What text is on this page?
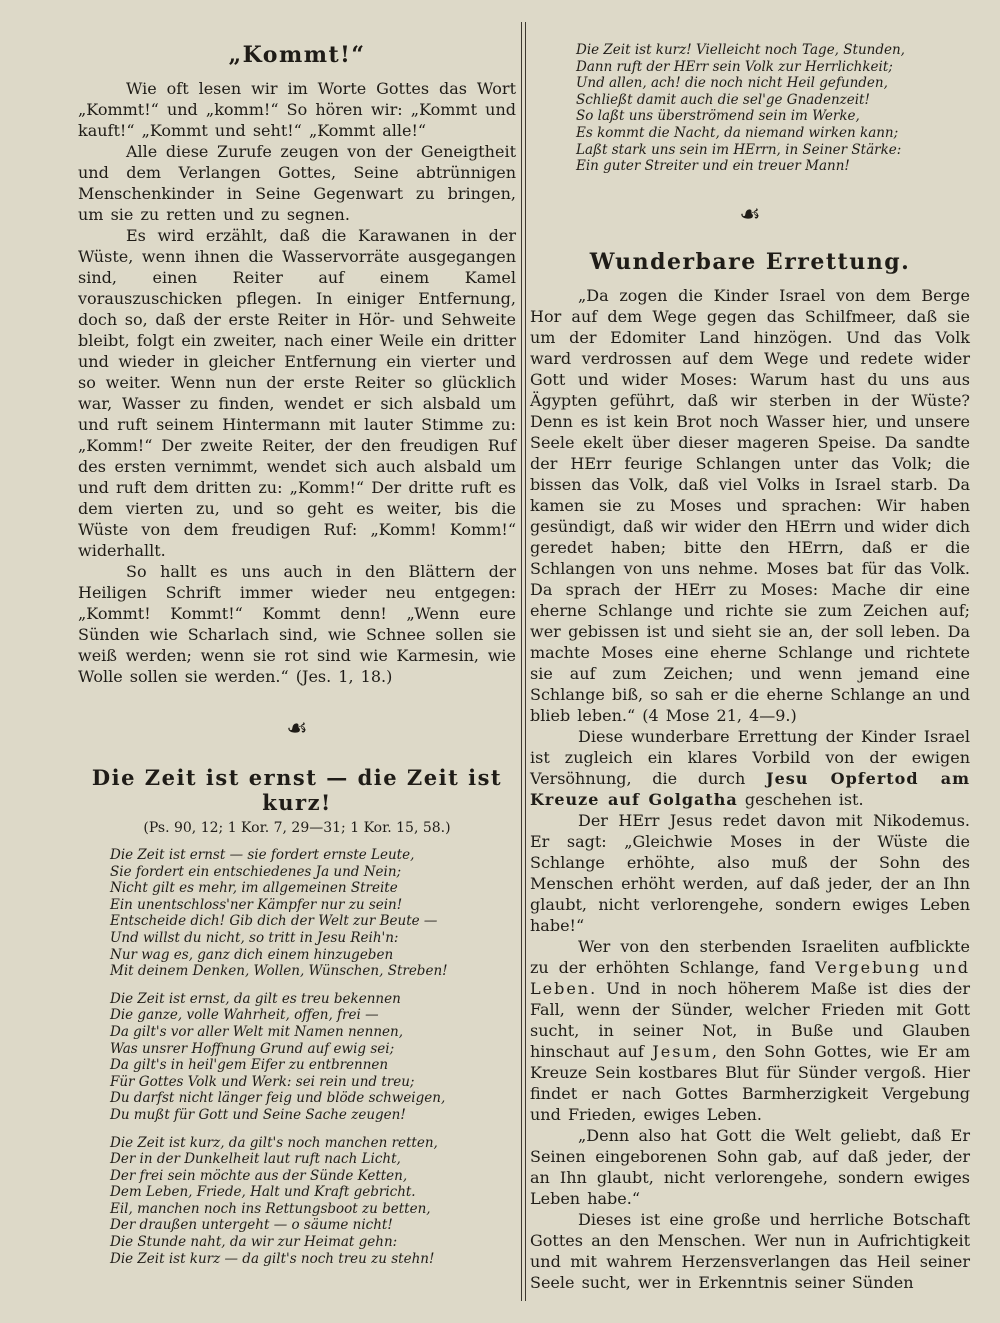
„Kommt!“

Wie oft lesen wir im Worte Gottes das Wort „Kommt!“ und „komm!“ So hören wir: „Kommt und kauft!“ „Kommt und seht!“ „Kommt alle!“

Alle diese Zurufe zeugen von der Geneigtheit und dem Verlangen Gottes, Seine abtrünnigen Menschenkinder in Seine Gegenwart zu bringen, um sie zu retten und zu segnen.

Es wird erzählt, daß die Karawanen in der Wüste, wenn ihnen die Wasservorräte ausgegangen sind, einen Reiter auf einem Kamel vorauszuschicken pflegen. In einiger Entfernung, doch so, daß der erste Reiter in Hör- und Sehweite bleibt, folgt ein zweiter, nach einer Weile ein dritter und wieder in gleicher Entfernung ein vierter und so weiter. Wenn nun der erste Reiter so glücklich war, Wasser zu finden, wendet er sich alsbald um und ruft seinem Hintermann mit lauter Stimme zu: „Komm!“ Der zweite Reiter, der den freudigen Ruf des ersten vernimmt, wendet sich auch alsbald um und ruft dem dritten zu: „Komm!“ Der dritte ruft es dem vierten zu, und so geht es weiter, bis die Wüste von dem freudigen Ruf: „Komm! Komm!“ widerhallt.

So hallt es uns auch in den Blättern der Heiligen Schrift immer wieder neu entgegen: „Kommt! Kommt!“ Kommt denn! „Wenn eure Sünden wie Scharlach sind, wie Schnee sollen sie weiß werden; wenn sie rot sind wie Karmesin, wie Wolle sollen sie werden.“ (Jes. 1, 18.)

☙
Die Zeit ist ernst — die Zeit ist kurz!
(Ps. 90, 12; 1 Kor. 7, 29—31; 1 Kor. 15, 58.)
Die Zeit ist ernst — sie fordert ernste Leute,
Sie fordert ein entschiedenes Ja und Nein;
Nicht gilt es mehr, im allgemeinen Streite
Ein unentschloss'ner Kämpfer nur zu sein!
Entscheide dich! Gib dich der Welt zur Beute —
Und willst du nicht, so tritt in Jesu Reih'n:
Nur wag es, ganz dich einem hinzugeben
Mit deinem Denken, Wollen, Wünschen, Streben!
Die Zeit ist ernst, da gilt es treu bekennen
Die ganze, volle Wahrheit, offen, frei —
Da gilt's vor aller Welt mit Namen nennen,
Was unsrer Hoffnung Grund auf ewig sei;
Da gilt's in heil'gem Eifer zu entbrennen
Für Gottes Volk und Werk: sei rein und treu;
Du darfst nicht länger feig und blöde schweigen,
Du mußt für Gott und Seine Sache zeugen!
Die Zeit ist kurz, da gilt's noch manchen retten,
Der in der Dunkelheit laut ruft nach Licht,
Der frei sein möchte aus der Sünde Ketten,
Dem Leben, Friede, Halt und Kraft gebricht.
Eil, manchen noch ins Rettungsboot zu betten,
Der draußen untergeht — o säume nicht!
Die Stunde naht, da wir zur Heimat gehn:
Die Zeit ist kurz — da gilt's noch treu zu stehn!
Die Zeit ist kurz! Vielleicht noch Tage, Stunden,
Dann ruft der HErr sein Volk zur Herrlichkeit;
Und allen, ach! die noch nicht Heil gefunden,
Schließt damit auch die sel'ge Gnadenzeit!
So laßt uns überströmend sein im Werke,
Es kommt die Nacht, da niemand wirken kann;
Laßt stark uns sein im HErrn, in Seiner Stärke:
Ein guter Streiter und ein treuer Mann!
☙
Wunderbare Errettung.

„Da zogen die Kinder Israel von dem Berge Hor auf dem Wege gegen das Schilfmeer, daß sie um der Edomiter Land hinzögen. Und das Volk ward verdrossen auf dem Wege und redete wider Gott und wider Moses: Warum hast du uns aus Ägypten geführt, daß wir sterben in der Wüste? Denn es ist kein Brot noch Wasser hier, und unsere Seele ekelt über dieser mageren Speise. Da sandte der HErr feurige Schlangen unter das Volk; die bissen das Volk, daß viel Volks in Israel starb. Da kamen sie zu Moses und sprachen: Wir haben gesündigt, daß wir wider den HErrn und wider dich geredet haben; bitte den HErrn, daß er die Schlangen von uns nehme. Moses bat für das Volk. Da sprach der HErr zu Moses: Mache dir eine eherne Schlange und richte sie zum Zeichen auf; wer gebissen ist und sieht sie an, der soll leben. Da machte Moses eine eherne Schlange und richtete sie auf zum Zeichen; und wenn jemand eine Schlange biß, so sah er die eherne Schlange an und blieb leben.“ (4 Mose 21, 4—9.)

Diese wunderbare Errettung der Kinder Israel ist zugleich ein klares Vorbild von der ewigen Versöhnung, die durch Jesu Opfertod am Kreuze auf Golgatha geschehen ist.

Der HErr Jesus redet davon mit Nikodemus. Er sagt: „Gleichwie Moses in der Wüste die Schlange erhöhte, also muß der Sohn des Menschen erhöht werden, auf daß jeder, der an Ihn glaubt, nicht verlorengehe, sondern ewiges Leben habe!“

Wer von den sterbenden Israeliten aufblickte zu der erhöhten Schlange, fand Vergebung und Leben. Und in noch höherem Maße ist dies der Fall, wenn der Sünder, welcher Frieden mit Gott sucht, in seiner Not, in Buße und Glauben hinschaut auf Jesum, den Sohn Gottes, wie Er am Kreuze Sein kostbares Blut für Sünder vergoß. Hier findet er nach Gottes Barmherzigkeit Vergebung und Frieden, ewiges Leben.

„Denn also hat Gott die Welt geliebt, daß Er Seinen eingeborenen Sohn gab, auf daß jeder, der an Ihn glaubt, nicht verlorengehe, sondern ewiges Leben habe.“

Dieses ist eine große und herrliche Botschaft Gottes an den Menschen. Wer nun in Aufrichtigkeit und mit wahrem Herzensverlangen das Heil seiner Seele sucht, wer in Erkenntnis seiner Sünden
